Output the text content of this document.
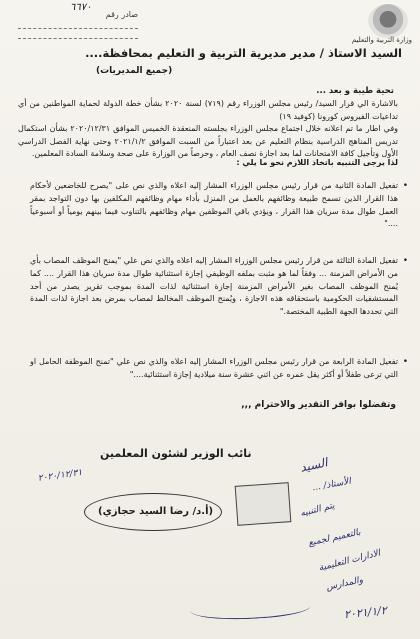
وزارة التربية والتعليم
صادر رقم
٦٦٧٠
السيد الاستاذ / مدير مديرية التربية و التعليم بمحافظة....
(جميع المديريات)
تحية طيبة و بعد ...
بالاشارة الي قرار السيد/ رئيس مجلس الوزراء رقم (٧١٩) لسنة ٢٠٢٠ بشأن خطة الدولة لحماية المواطنين من أي تداعيات الفيروس كورونا (كوفيد ١٩)
وفي اطار ما تم اعلانه خلال اجتماع مجلس الوزراء بجلسته المنعقدة الخميس الموافق ٢٠٢٠/١٢/٣١ بشأن استكمال تدريس المناهج الدراسية بنظام التعليم عن بعد اعتباراً من السبت الموافق ٢٠٢١/١/٢ وحتى نهاية الفصل الدراسي الأول وتأجيل كافة الامتحانات لما بعد اجازة نصف العام ، وحرصاً من الوزارة على صحة وسلامة السادة المعلمين.
لذا يرجى التنبيه باتخاذ اللازم نحو ما يلي :
•
تفعيل المادة الثانية من قرار رئيس مجلس الوزراء المشار إليه اعلاه والذي نص على "يصرح للخاضعين لأحكام هذا القرار الذين تسمح طبيعة وظائفهم بالعمل من المنزل بأداء مهام وظائفهم المكلفين بها دون التواجد بمقر العمل طوال مدة سريان هذا القرار ، ويؤدي باقي الموظفين مهام وظائفهم بالتناوب فيما بينهم يومياً أو أسبوعياً ...."
•
تفعيل المادة الثالثة من قرار رئيس مجلس الوزراء المشار إليه اعلاه والذي نص علي "يمنح الموظف المصاب بأي من الأمراض المزمنة ... وفقاً لما هو مثبت بملفه الوظيفي إجازة استثنائية طوال مدة سريان هذا القرار .... كما يُمنح الموظف المصاب بغير الأمراض المزمنة إجازة استثنائية لذات المدة بموجب تقرير يصدر من أحد المستشفيات الحكومية باستحقاقه هذه الاجازة ، ويُمنح الموظف المخالط لمصاب بمرض بعد اجازة لذات المدة التي تحددها الجهة الطبية المختصة."
•
تفعيل المادة الرابعة من قرار رئيس مجلس الوزراء المشار إليه اعلاه والذي نص علي "تمنح الموظفة الحامل او التي ترعى طفلاً أو أكثر يقل عمره عن اثني عشرة سنة ميلادية إجازة استثنائية...."
وتفضلوا بوافر التقدير والاحترام ,,,
نائب الوزير لشئون المعلمين
٢٠٢٠/١٢/٣١
(أ.د/ رضا السيد حجازي)
السيد
الأستاذ/ ...
يتم التنبيه
بالتعميم لجميع
الادارات التعليمية
والمدارس
٢٠٢١/١/٢
